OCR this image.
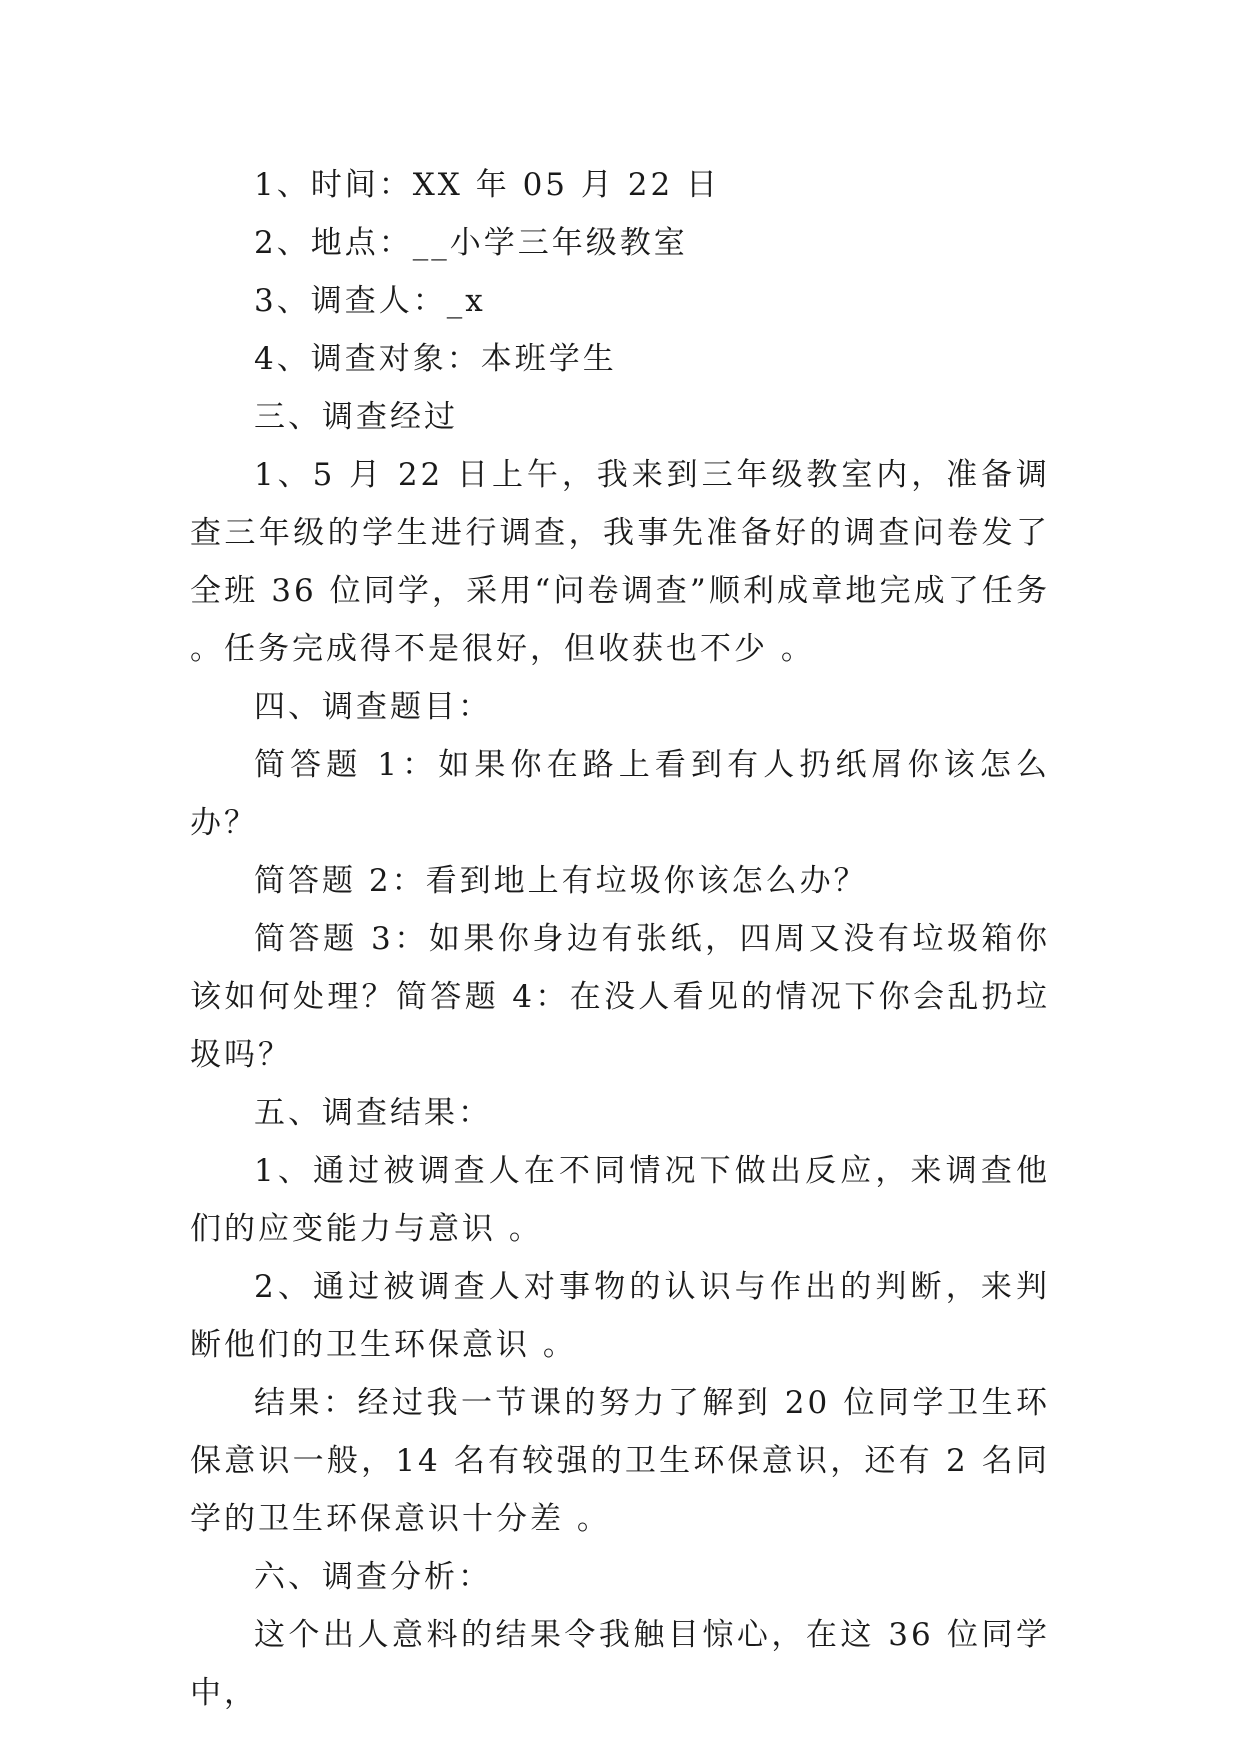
1、时间：XX 年 05 月 22 日

2、地点：__小学三年级教室

3、调查人：_x

4、调查对象：本班学生

三、调查经过

1、5 月 22 日上午，我来到三年级教室内，准备调查三年级的学生进行调查，我事先准备好的调查问卷发了全班 36 位同学，采用“问卷调查”顺利成章地完成了任务 。任务完成得不是很好，但收获也不少 。

四、调查题目：

简答题 1：如果你在路上看到有人扔纸屑你该怎么办？

简答题 2：看到地上有垃圾你该怎么办？

简答题 3：如果你身边有张纸，四周又没有垃圾箱你该如何处理？简答题 4：在没人看见的情况下你会乱扔垃圾吗？

五、调查结果：

1、通过被调查人在不同情况下做出反应，来调查他们的应变能力与意识 。

2、通过被调查人对事物的认识与作出的判断，来判断他们的卫生环保意识 。

结果：经过我一节课的努力了解到 20 位同学卫生环保意识一般，14 名有较强的卫生环保意识，还有 2 名同学的卫生环保意识十分差 。

六、调查分析：

这个出人意料的结果令我触目惊心，在这 36 位同学中，
